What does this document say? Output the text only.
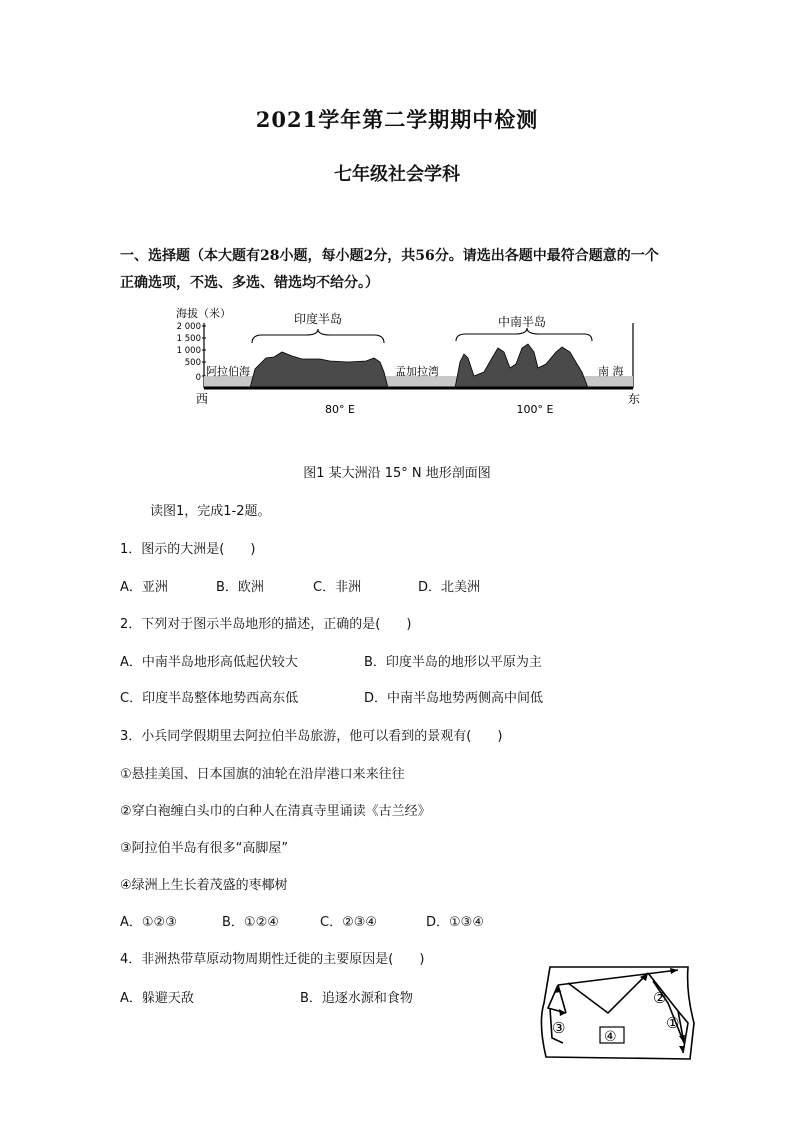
2021学年第二学期期中检测
七年级社会学科
一、选择题（本大题有28小题，每小题2分，共56分。请选出各题中最符合题意的一个
正确选项，不选、多选、错选均不给分。）
海拔（米）
2 000
1 500
1 000
500
0
印度半岛	中南半岛
阿拉伯海	孟加拉湾	南 海
西	东
80° E	100° E
图1 某大洲沿 15° N 地形剖面图
读图1，完成1-2题。
1．图示的大洲是(　　)
A．亚洲	B．欧洲	C．非洲	D．北美洲
2．下列对于图示半岛地形的描述，正确的是(　　)
A．中南半岛地形高低起伏较大	B．印度半岛的地形以平原为主
C．印度半岛整体地势西高东低	D．中南半岛地势两侧高中间低
3．小兵同学假期里去阿拉伯半岛旅游，他可以看到的景观有(　　)
①悬挂美国、日本国旗的油轮在沿岸港口来来往往
②穿白袍缠白头巾的白种人在清真寺里诵读《古兰经》
③阿拉伯半岛有很多“高脚屋”
④绿洲上生长着茂盛的枣椰树
A．①②③	B．①②④	C．②③④	D．①③④
4．非洲热带草原动物周期性迁徙的主要原因是(　　)
A．躲避天敌	B．追逐水源和食物	②
①
③	④
